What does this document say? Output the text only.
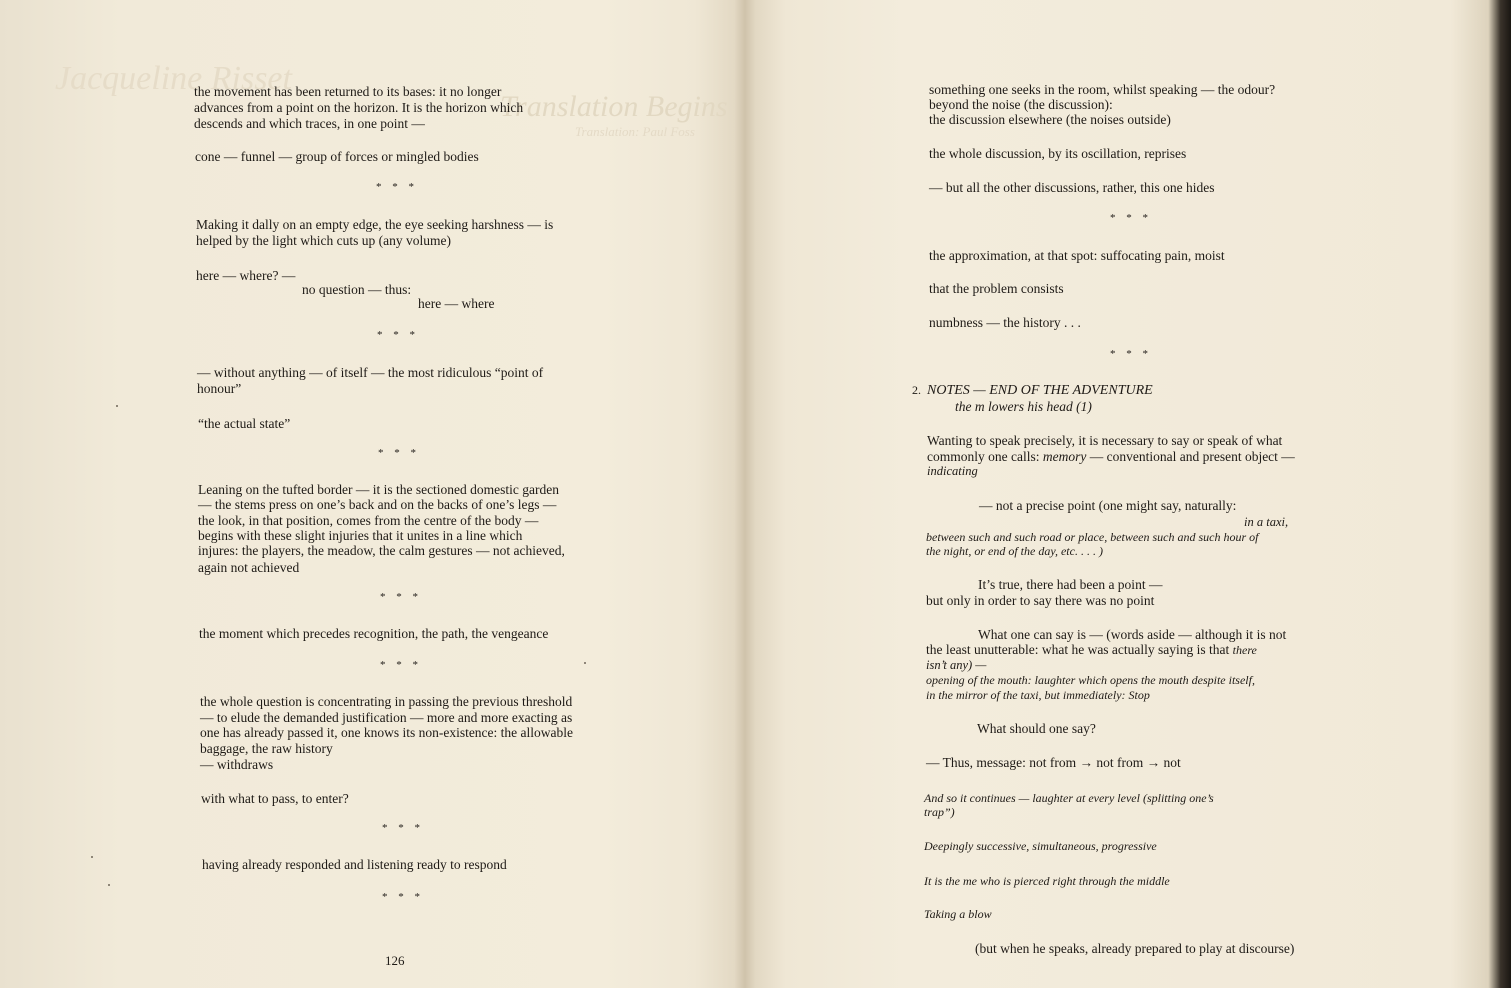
Jacqueline Risset
Translation Begins
Translation: Paul Foss

the movement has been returned to its bases: it no longer

advances from a point on the horizon. It is the horizon which

descends and which traces, in one point —

cone — funnel — group of forces or mingled bodies

* * *

Making it dally on an empty edge, the eye seeking harshness — is

helped by the light which cuts up (any volume)

here — where? —

no question — thus:

here — where

* * *

— without anything — of itself — the most ridiculous “point of

honour”

“the actual state”

* * *

Leaning on the tufted border — it is the sectioned domestic garden

— the stems press on one’s back and on the backs of one’s legs —

the look, in that position, comes from the centre of the body —

begins with these slight injuries that it unites in a line which

injures: the players, the meadow, the calm gestures — not achieved,

again not achieved

* * *

the moment which precedes recognition, the path, the vengeance

* * *

the whole question is concentrating in passing the previous threshold

— to elude the demanded justification — more and more exacting as

one has already passed it, one knows its non-existence: the allowable

baggage, the raw history

— withdraws

with what to pass, to enter?

* * *

having already responded and listening ready to respond

* * *
126

something one seeks in the room, whilst speaking — the odour?

beyond the noise (the discussion):

the discussion elsewhere (the noises outside)

the whole discussion, by its oscillation, reprises

— but all the other discussions, rather, this one hides

* * *

the approximation, at that spot: suffocating pain, moist

that the problem consists

numbness — the history . . .

* * *
2. NOTES — END OF THE ADVENTURE

the m lowers his head (1)

Wanting to speak precisely, it is necessary to say or speak of what

commonly one calls: memory — conventional and present object —

indicating

— not a precise point (one might say, naturally:

in a taxi,

between such and such road or place, between such and such hour of

the night, or end of the day, etc. . . . )

It’s true, there had been a point —

but only in order to say there was no point

What one can say is — (words aside — although it is not

the least unutterable: what he was actually saying is that there

isn’t any) —

opening of the mouth: laughter which opens the mouth despite itself,

in the mirror of the taxi, but immediately: Stop

What should one say?

— Thus, message: not from → not from → not

And so it continues — laughter at every level (splitting one’s

trap”)

Deepingly successive, simultaneous, progressive

It is the me who is pierced right through the middle

Taking a blow

(but when he speaks, already prepared to play at discourse)
